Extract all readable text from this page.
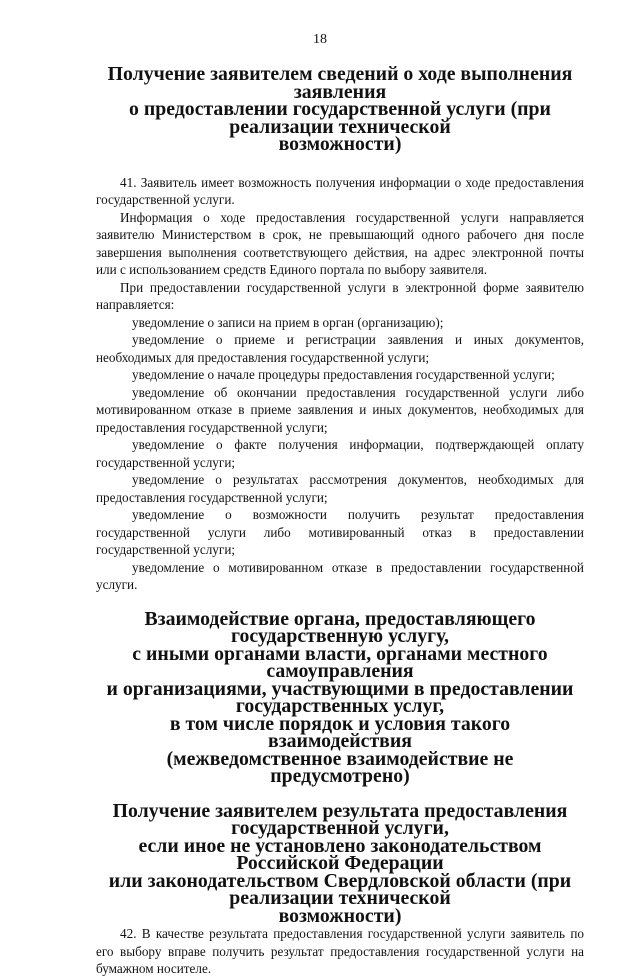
18
Получение заявителем сведений о ходе выполнения заявления
о предоставлении государственной услуги (при реализации технической
возможности)

41. Заявитель имеет возможность получения информации о ходе предоставления государственной услуги.

Информация о ходе предоставления государственной услуги направляется заявителю Министерством в срок, не превышающий одного рабочего дня после завершения выполнения соответствующего действия, на адрес электронной почты или с использованием средств Единого портала по выбору заявителя.

При предоставлении государственной услуги в электронной форме заявителю направляется:

уведомление о записи на прием в орган (организацию);

уведомление о приеме и регистрации заявления и иных документов, необходимых для предоставления государственной услуги;

уведомление о начале процедуры предоставления государственной услуги;

уведомление об окончании предоставления государственной услуги либо мотивированном отказе в приеме заявления и иных документов, необходимых для предоставления государственной услуги;

уведомление о факте получения информации, подтверждающей оплату государственной услуги;

уведомление о результатах рассмотрения документов, необходимых для предоставления государственной услуги;

уведомление о возможности получить результат предоставления государственной услуги либо мотивированный отказ в предоставлении государственной услуги;

уведомление о мотивированном отказе в предоставлении государственной услуги.

Взаимодействие органа, предоставляющего государственную услугу,
с иными органами власти, органами местного самоуправления
и организациями, участвующими в предоставлении государственных услуг,
в том числе порядок и условия такого взаимодействия
(межведомственное взаимодействие не предусмотрено)
Получение заявителем результата предоставления государственной услуги,
если иное не установлено законодательством Российской Федерации
или законодательством Свердловской области (при реализации технической
возможности)

42. В качестве результата предоставления государственной услуги заявитель по его выбору вправе получить результат предоставления государственной услуги на бумажном носителе.
